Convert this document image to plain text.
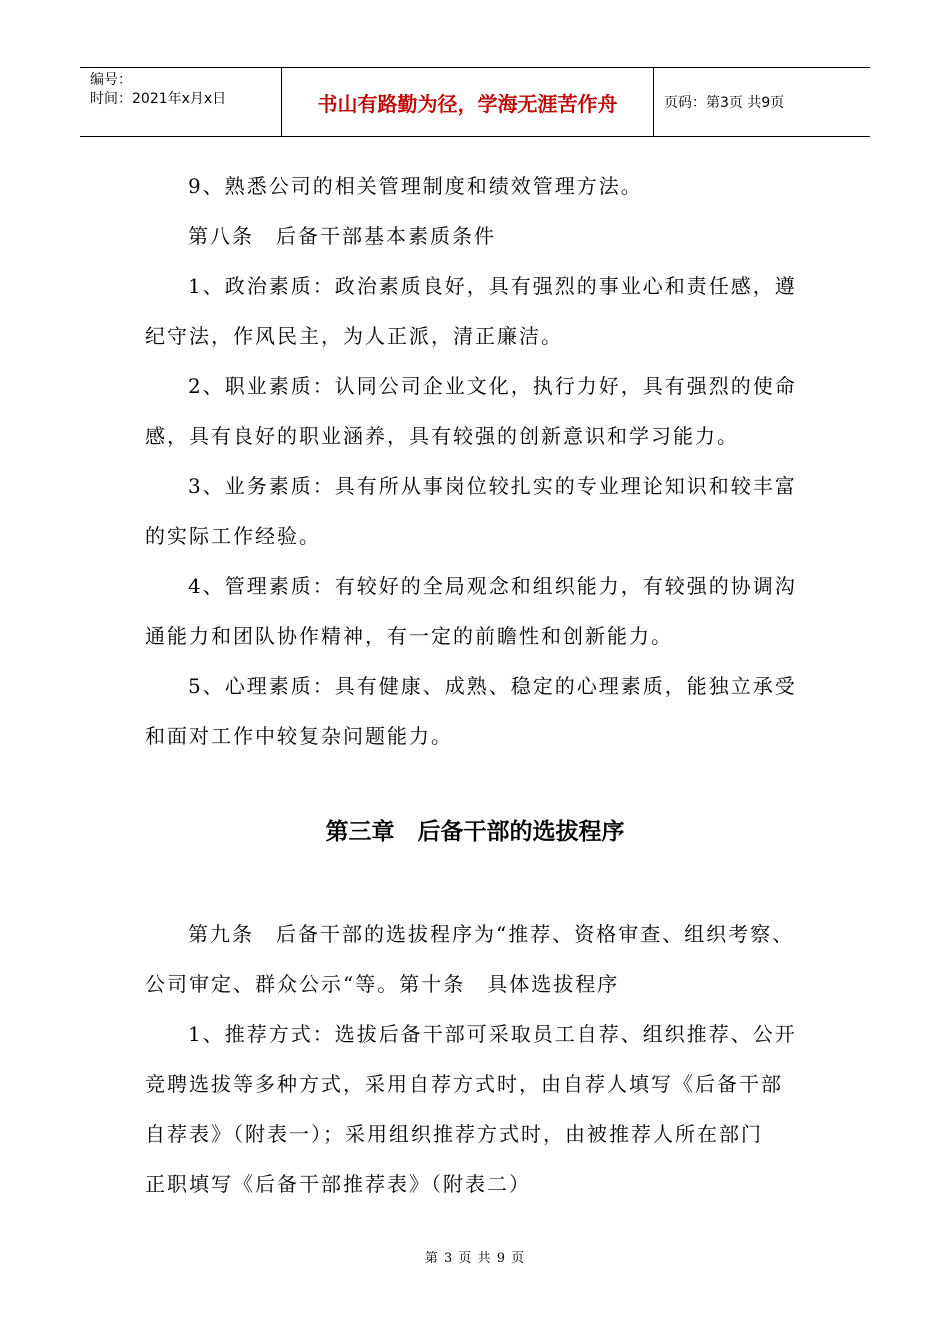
编号：
时间：2021年x月x日	书山有路勤为径，学海无涯苦作舟	页码：第3页 共9页
9、熟悉公司的相关管理制度和绩效管理方法。
第八条　后备干部基本素质条件
1、政治素质：政治素质良好，具有强烈的事业心和责任感，遵
纪守法，作风民主，为人正派，清正廉洁。
2、职业素质：认同公司企业文化，执行力好，具有强烈的使命
感，具有良好的职业涵养，具有较强的创新意识和学习能力。
3、业务素质：具有所从事岗位较扎实的专业理论知识和较丰富
的实际工作经验。
4、管理素质：有较好的全局观念和组织能力，有较强的协调沟
通能力和团队协作精神，有一定的前瞻性和创新能力。
5、心理素质：具有健康、成熟、稳定的心理素质，能独立承受
和面对工作中较复杂问题能力。
第三章　后备干部的选拔程序
第九条　后备干部的选拔程序为“推荐、资格审查、组织考察、
公司审定、群众公示“等。第十条　具体选拔程序
1、推荐方式：选拔后备干部可采取员工自荐、组织推荐、公开
竞聘选拔等多种方式，采用自荐方式时，由自荐人填写《后备干部
自荐表》（附表一）；采用组织推荐方式时，由被推荐人所在部门
正职填写《后备干部推荐表》（附表二）
第 3 页 共 9 页
